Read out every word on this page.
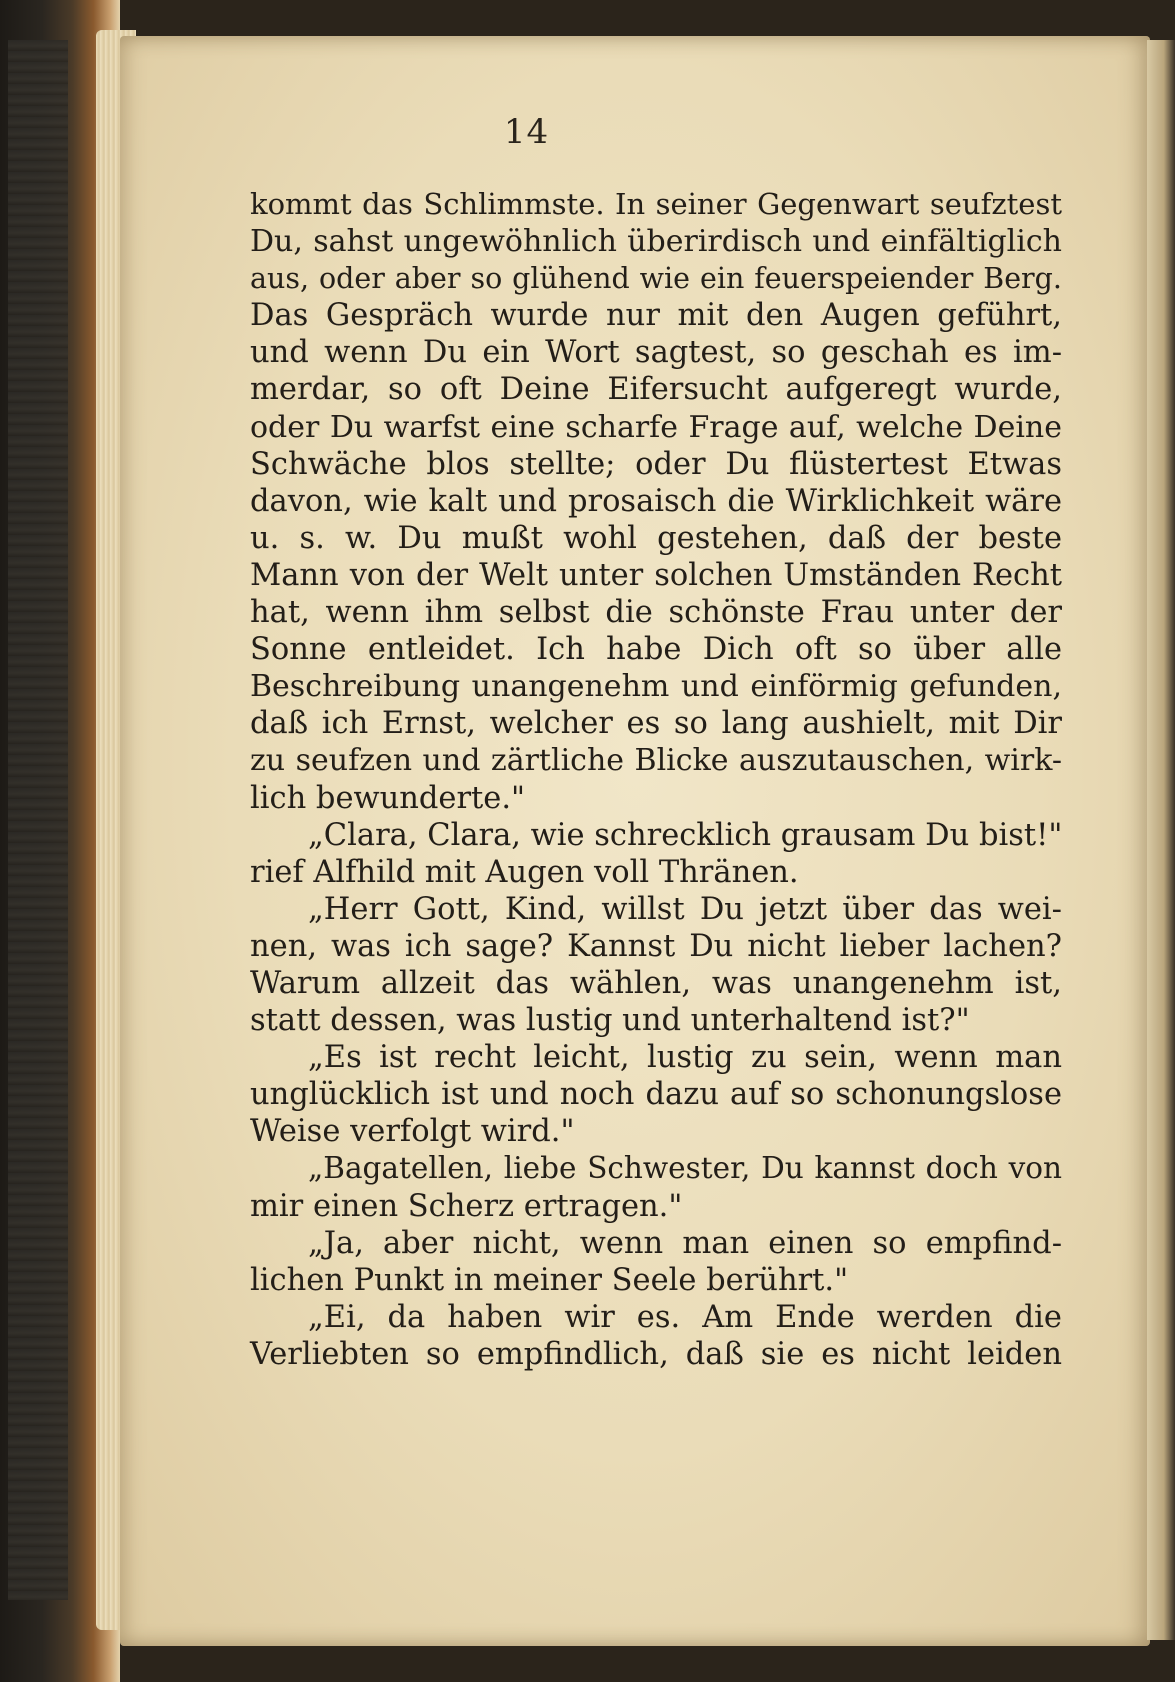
14
kommt das Schlimmste. In seiner Gegenwart seufztest
Du, sahst ungewöhnlich überirdisch und einfältiglich
aus, oder aber so glühend wie ein feuerspeiender Berg.
Das Gespräch wurde nur mit den Augen geführt,
und wenn Du ein Wort sagtest, so geschah es im-
merdar, so oft Deine Eifersucht aufgeregt wurde,
oder Du warfst eine scharfe Frage auf, welche Deine
Schwäche blos stellte; oder Du flüstertest Etwas
davon, wie kalt und prosaisch die Wirklichkeit wäre
u. s. w. Du mußt wohl gestehen, daß der beste
Mann von der Welt unter solchen Umständen Recht
hat, wenn ihm selbst die schönste Frau unter der
Sonne entleidet. Ich habe Dich oft so über alle
Beschreibung unangenehm und einförmig gefunden,
daß ich Ernst, welcher es so lang aushielt, mit Dir
zu seufzen und zärtliche Blicke auszutauschen, wirk-
lich bewunderte."
„Clara, Clara, wie schrecklich grausam Du bist!"
rief Alfhild mit Augen voll Thränen.
„Herr Gott, Kind, willst Du jetzt über das wei-
nen, was ich sage? Kannst Du nicht lieber lachen?
Warum allzeit das wählen, was unangenehm ist,
statt dessen, was lustig und unterhaltend ist?"
„Es ist recht leicht, lustig zu sein, wenn man
unglücklich ist und noch dazu auf so schonungslose
Weise verfolgt wird."
„Bagatellen, liebe Schwester, Du kannst doch von
mir einen Scherz ertragen."
„Ja, aber nicht, wenn man einen so empfind-
lichen Punkt in meiner Seele berührt."
„Ei, da haben wir es. Am Ende werden die
Verliebten so empfindlich, daß sie es nicht leiden
